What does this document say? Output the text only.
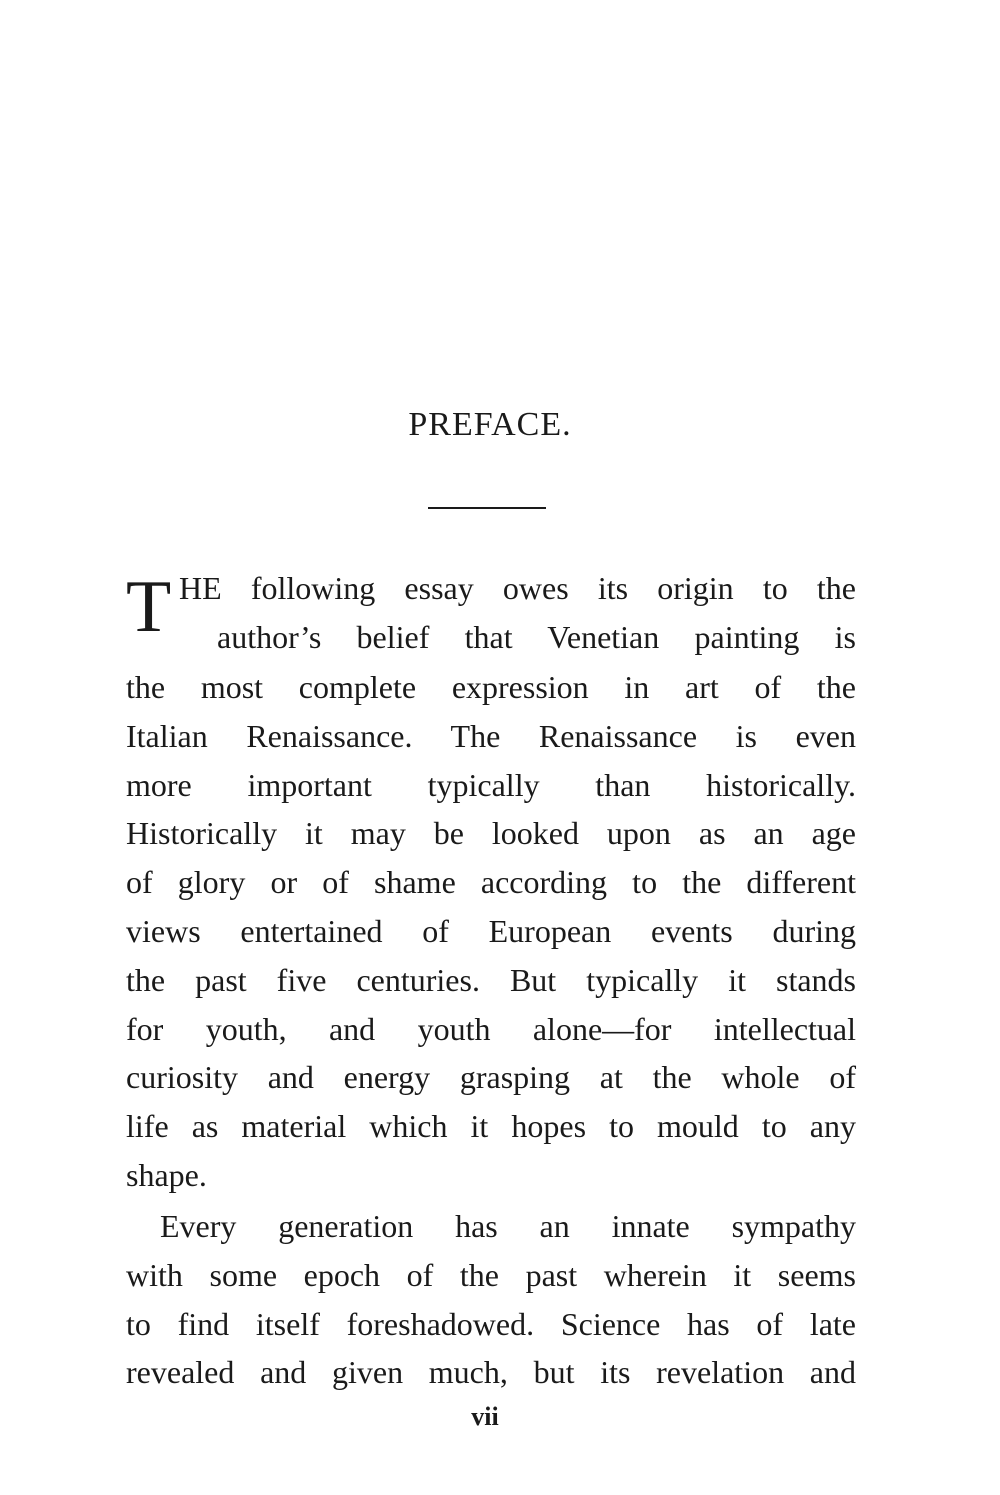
PREFACE.
T HE following essay owes its origin to the
author’s belief that Venetian painting is
the most complete expression in art of the
Italian Renaissance. The Renaissance is even
more important typically than historically.
Historically it may be looked upon as an age
of glory or of shame according to the different
views entertained of European events during
the past five centuries. But typically it stands
for youth, and youth alone—for intellectual
curiosity and energy grasping at the whole of
life as material which it hopes to mould to any
shape.
Every generation has an innate sympathy
with some epoch of the past wherein it seems
to find itself foreshadowed. Science has of late
revealed and given much, but its revelation and
vii
